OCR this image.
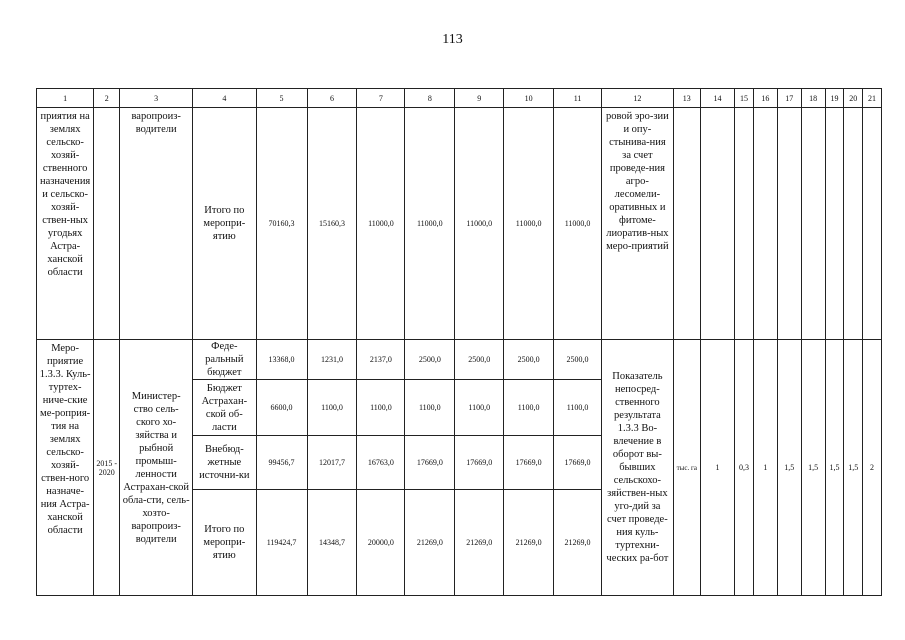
113
1	2	3	4	5	6	7	8	9	10	11	12	13	14	15	16	17	18	19	20	21
приятия на землях сельско-хозяй-ственного назначения и сельско-хозяй-ствен-ных угодьях Астра-ханской области		варопроиз-водители	Итого по меропри-ятию	70160,3	15160,3	11000,0	11000,0	11000,0	11000,0	11000,0	ровой эро-зии и опу-стынива-ния за счет проведе-ния агро-лесомели-оративных и фитоме-лиоратив-ных меро-приятий									
Меро-приятие 1.3.3. Куль-туртех-ниче-ские ме-роприя-тия на землях сельско-хозяй-ствен-ного назначе-ния Астра-ханской области	2015 - 2020	Министер-ство сель-ского хо-зяйства и рыбной промыш-ленности Астрахан-ской обла-сти, сель-хозто-варопроиз-водители	Феде-ральный бюджет	13368,0	1231,0	2137,0	2500,0	2500,0	2500,0	2500,0	Показатель непосред-ственного результата 1.3.3 Во-влечение в оборот вы-бывших сельскохо-зяйствен-ных уго-дий за счет проведе-ния куль-туртехни-ческих ра-бот	тыс. га	1	0,3	1	1,5	1,5	1,5	1,5	2
			Бюджет Астрахан-ской об-ласти	6600,0	1100,0	1100,0	1100,0	1100,0	1100,0	1100,0										
			Внебюд-жетные источни-ки	99456,7	12017,7	16763,0	17669,0	17669,0	17669,0	17669,0										
			Итого по меропри-ятию	119424,7	14348,7	20000,0	21269,0	21269,0	21269,0	21269,0										
